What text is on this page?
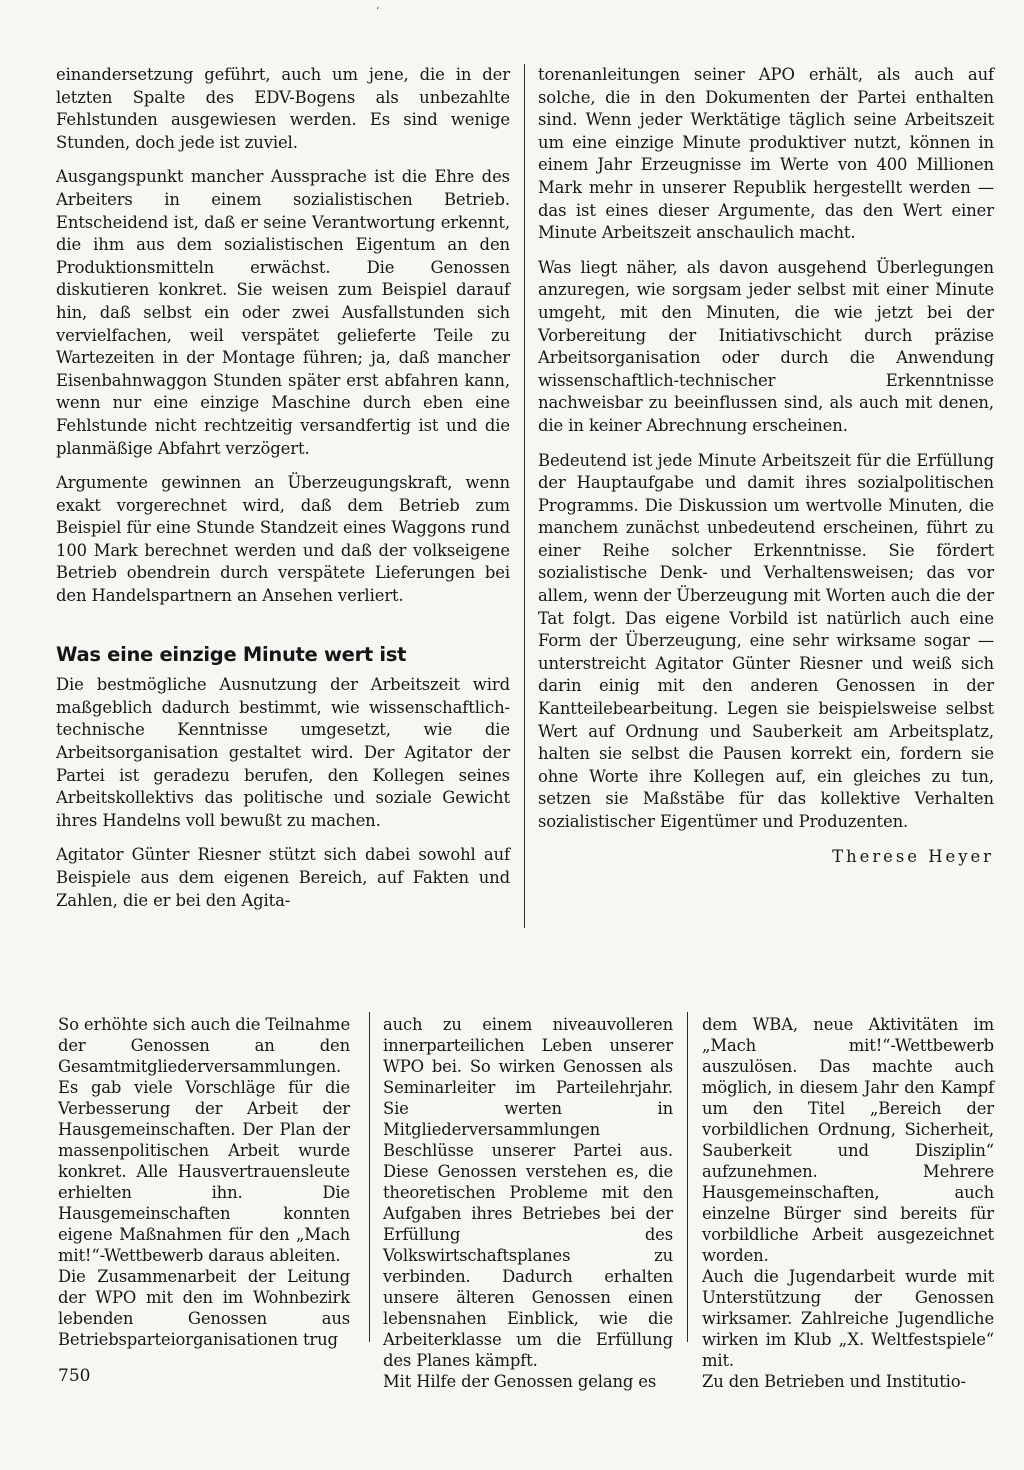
‘

einandersetzung geführt, auch um jene, die in der letzten Spalte des EDV-Bogens als unbezahlte Fehlstunden ausgewiesen werden. Es sind wenige Stunden, doch jede ist zuviel.

Ausgangspunkt mancher Aussprache ist die Ehre des Arbeiters in einem sozialistischen Betrieb. Entscheidend ist, daß er seine Verantwortung erkennt, die ihm aus dem sozialistischen Eigentum an den Produktionsmitteln erwächst. Die Genossen diskutieren konkret. Sie weisen zum Beispiel darauf hin, daß selbst ein oder zwei Ausfallstunden sich vervielfachen, weil verspätet gelieferte Teile zu Wartezeiten in der Montage führen; ja, daß mancher Eisenbahnwaggon Stunden später erst abfahren kann, wenn nur eine einzige Maschine durch eben eine Fehlstunde nicht rechtzeitig versandfertig ist und die planmäßige Abfahrt verzögert.

Argumente gewinnen an Überzeugungskraft, wenn exakt vorgerechnet wird, daß dem Betrieb zum Beispiel für eine Stunde Standzeit eines Waggons rund 100 Mark berechnet werden und daß der volkseigene Betrieb obendrein durch verspätete Lieferungen bei den Handelspartnern an Ansehen verliert.

Was eine einzige Minute wert ist

Die bestmögliche Ausnutzung der Arbeitszeit wird maßgeblich dadurch bestimmt, wie wissenschaftlich-technische Kenntnisse umgesetzt, wie die Arbeitsorganisation gestaltet wird. Der Agitator der Partei ist geradezu berufen, den Kollegen seines Arbeitskollektivs das politische und soziale Gewicht ihres Handelns voll bewußt zu machen.

Agitator Günter Riesner stützt sich dabei sowohl auf Beispiele aus dem eigenen Bereich, auf Fakten und Zahlen, die er bei den Agita-

torenanleitungen seiner APO erhält, als auch auf solche, die in den Dokumenten der Partei enthalten sind. Wenn jeder Werktätige täglich seine Arbeitszeit um eine einzige Minute produktiver nutzt, können in einem Jahr Erzeugnisse im Werte von 400 Millionen Mark mehr in unserer Republik hergestellt werden — das ist eines dieser Argumente, das den Wert einer Minute Arbeitszeit anschaulich macht.

Was liegt näher, als davon ausgehend Überlegungen anzuregen, wie sorgsam jeder selbst mit einer Minute umgeht, mit den Minuten, die wie jetzt bei der Vorbereitung der Initiativschicht durch präzise Arbeitsorganisation oder durch die Anwendung wissenschaftlich-technischer Erkenntnisse nachweisbar zu beeinflussen sind, als auch mit denen, die in keiner Abrechnung erscheinen.

Bedeutend ist jede Minute Arbeitszeit für die Erfüllung der Hauptaufgabe und damit ihres sozialpolitischen Programms. Die Diskussion um wertvolle Minuten, die manchem zunächst unbedeutend erscheinen, führt zu einer Reihe solcher Erkenntnisse. Sie fördert sozialistische Denk- und Verhaltensweisen; das vor allem, wenn der Überzeugung mit Worten auch die der Tat folgt. Das eigene Vorbild ist natürlich auch eine Form der Überzeugung, eine sehr wirksame sogar — unterstreicht Agitator Günter Riesner und weiß sich darin einig mit den anderen Genossen in der Kantteilebearbeitung. Legen sie beispielsweise selbst Wert auf Ordnung und Sauberkeit am Arbeitsplatz, halten sie selbst die Pausen korrekt ein, fordern sie ohne Worte ihre Kollegen auf, ein gleiches zu tun, setzen sie Maßstäbe für das kollektive Verhalten sozialistischer Eigentümer und Produzenten.

Therese Heyer

So erhöhte sich auch die Teilnahme der Genossen an den Gesamtmitgliederversammlungen.

Es gab viele Vorschläge für die Verbesserung der Arbeit der Hausgemeinschaften. Der Plan der massenpolitischen Arbeit wurde konkret. Alle Hausvertrauensleute erhielten ihn. Die Hausgemeinschaften konnten eigene Maßnahmen für den „Mach mit!“-Wettbewerb daraus ableiten.

Die Zusammenarbeit der Leitung der WPO mit den im Wohnbezirk lebenden Genossen aus Betriebsparteiorganisationen trug

auch zu einem niveauvolleren innerparteilichen Leben unserer WPO bei. So wirken Genossen als Seminarleiter im Parteilehrjahr. Sie werten in Mitgliederversammlungen Beschlüsse unserer Partei aus. Diese Genossen verstehen es, die theoretischen Probleme mit den Aufgaben ihres Betriebes bei der Erfüllung des Volkswirtschaftsplanes zu verbinden. Dadurch erhalten unsere älteren Genossen einen lebensnahen Einblick, wie die Arbeiterklasse um die Erfüllung des Planes kämpft.

Mit Hilfe der Genossen gelang es

dem WBA, neue Aktivitäten im „Mach mit!“-Wettbewerb auszulösen. Das machte auch möglich, in diesem Jahr den Kampf um den Titel „Bereich der vorbildlichen Ordnung, Sicherheit, Sauberkeit und Disziplin“ aufzunehmen. Mehrere Hausgemeinschaften, auch einzelne Bürger sind bereits für vorbildliche Arbeit ausgezeichnet worden.

Auch die Jugendarbeit wurde mit Unterstützung der Genossen wirksamer. Zahlreiche Jugendliche wirken im Klub „X. Weltfestspiele“ mit.

Zu den Betrieben und Institutio-

750
